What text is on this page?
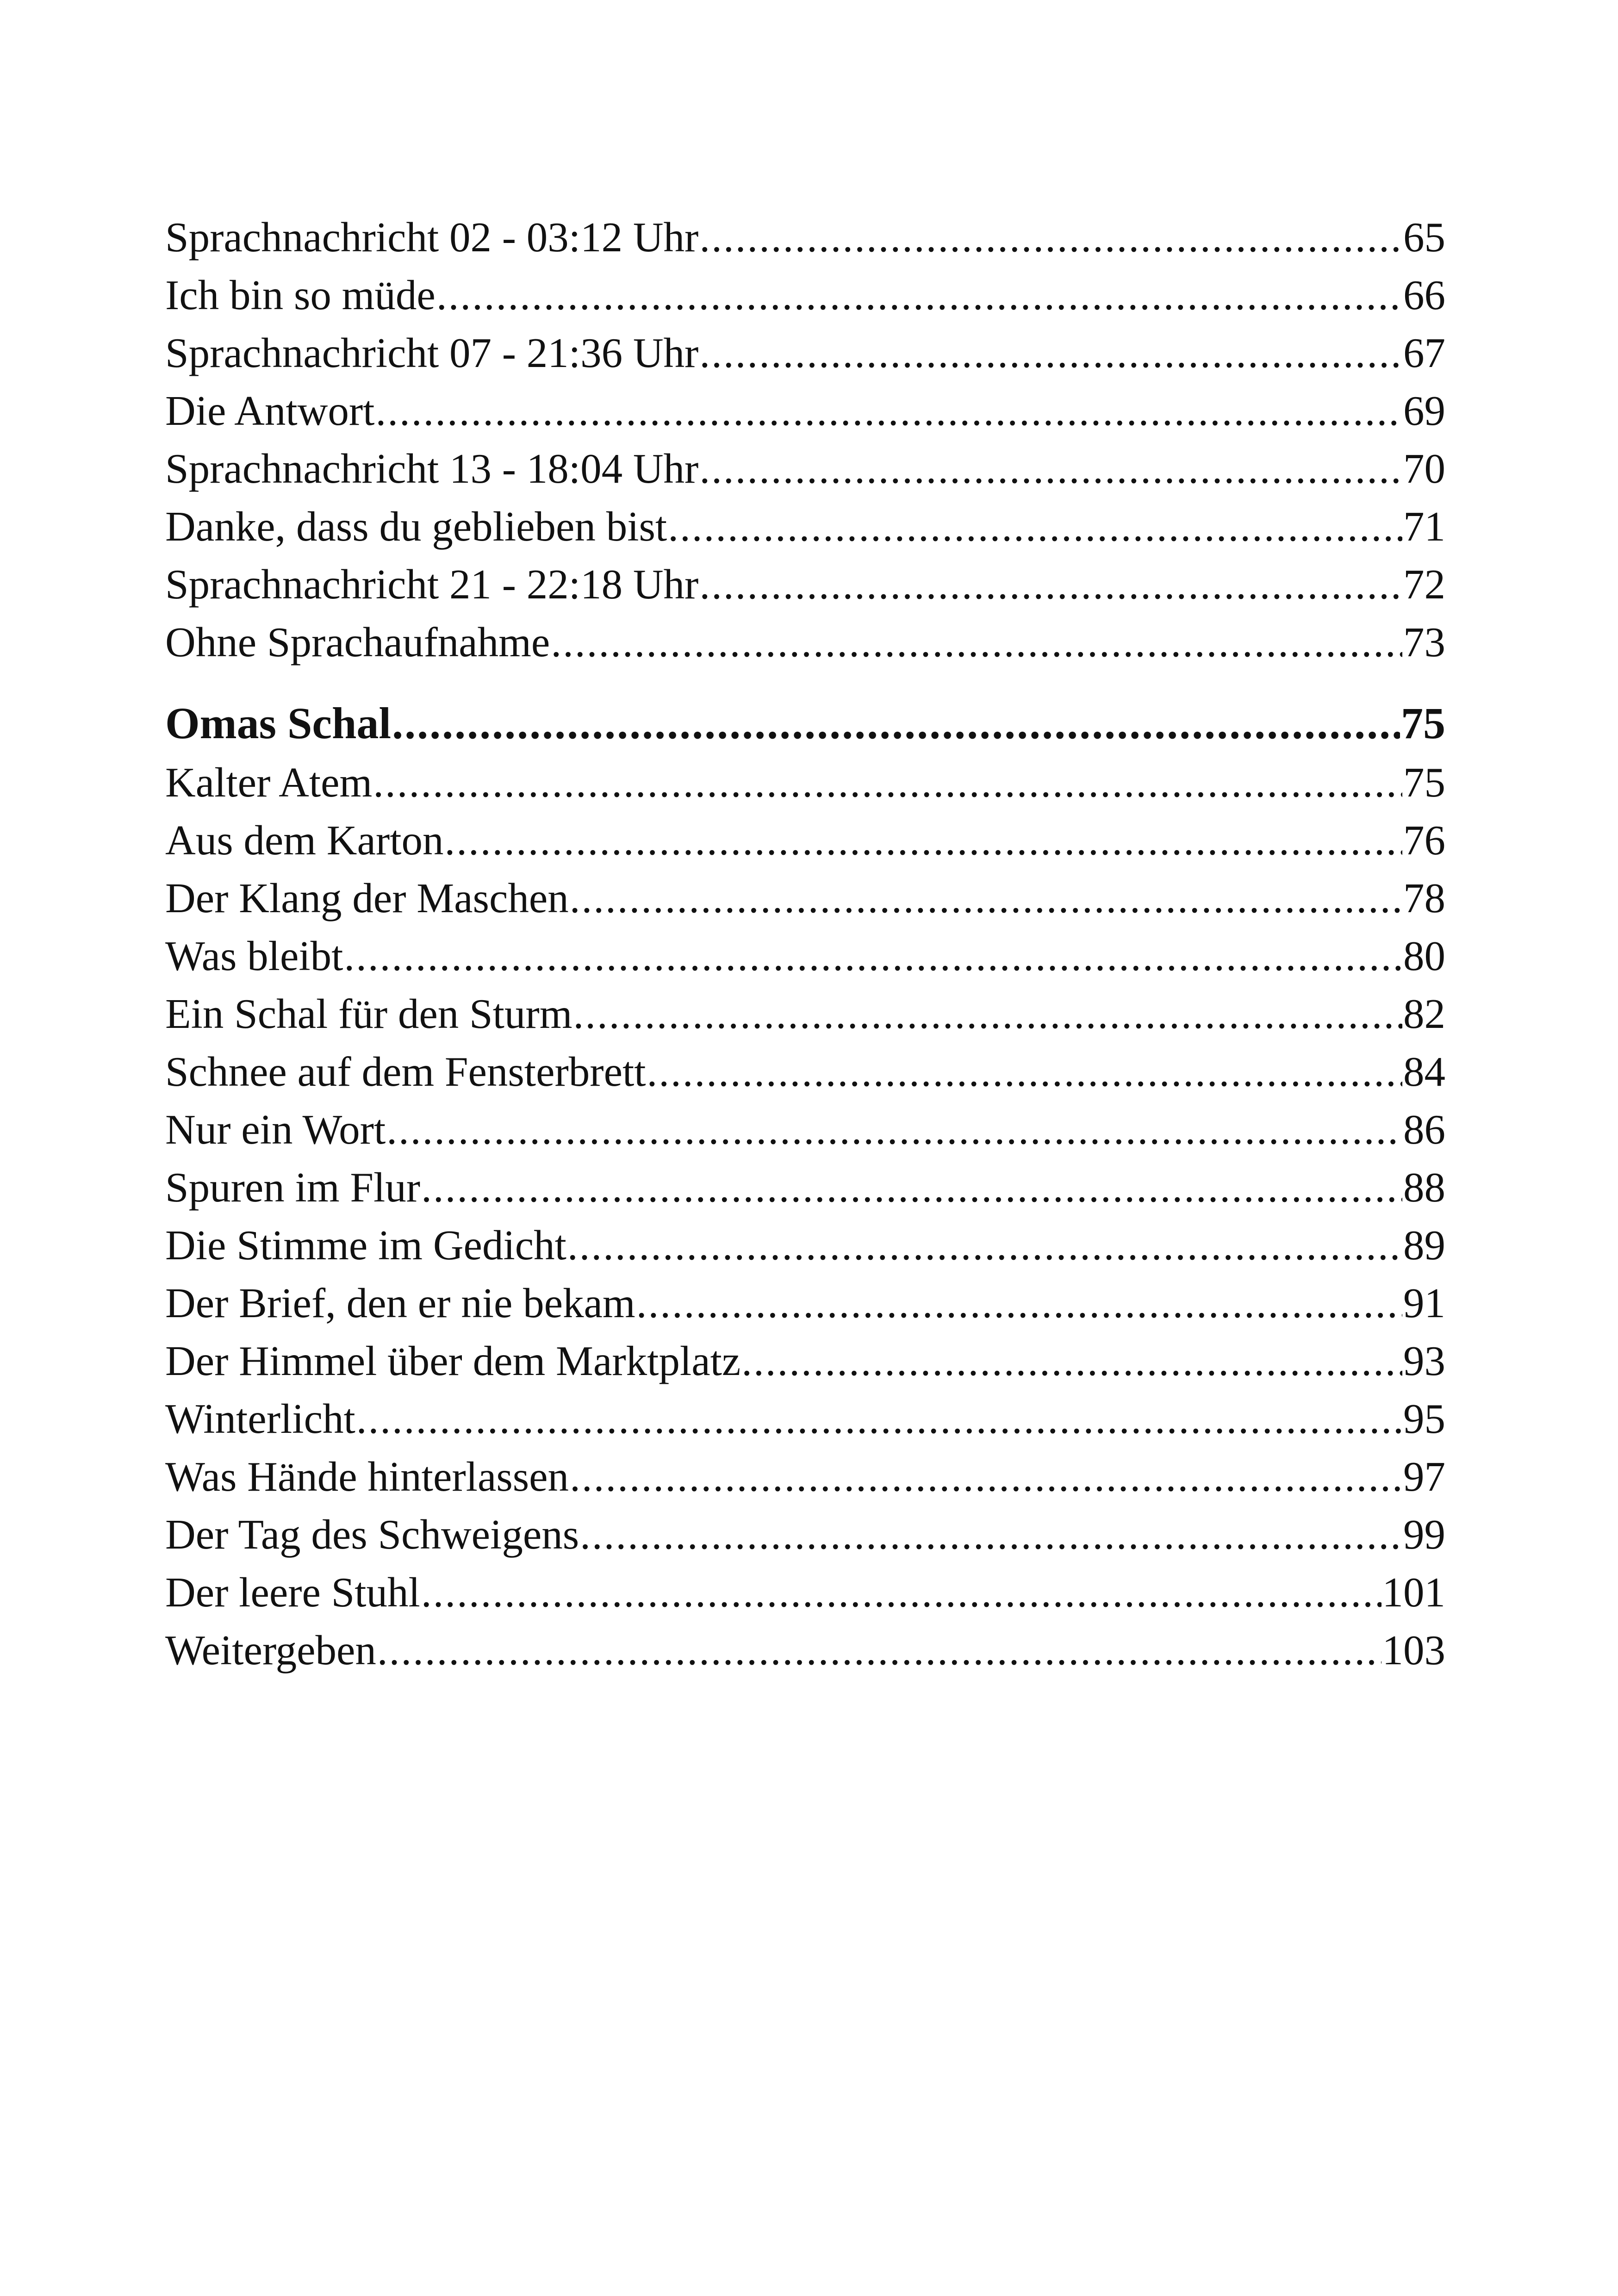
Sprachnachricht 02 - 03:12 Uhr .....	65
Ich bin so müde .....	66
Sprachnachricht 07 - 21:36 Uhr .....	67
Die Antwort .....	69
Sprachnachricht 13 - 18:04 Uhr .....	70
Danke, dass du geblieben bist .....	71
Sprachnachricht 21 - 22:18 Uhr .....	72
Ohne Sprachaufnahme .....	73
Omas Schal .....	75
Kalter Atem .....	75
Aus dem Karton .....	76
Der Klang der Maschen .....	78
Was bleibt .....	80
Ein Schal für den Sturm .....	82
Schnee auf dem Fensterbrett .....	84
Nur ein Wort .....	86
Spuren im Flur .....	88
Die Stimme im Gedicht .....	89
Der Brief, den er nie bekam .....	91
Der Himmel über dem Marktplatz .....	93
Winterlicht .....	95
Was Hände hinterlassen .....	97
Der Tag des Schweigens .....	99
Der leere Stuhl .....	101
Weitergeben .....	103
